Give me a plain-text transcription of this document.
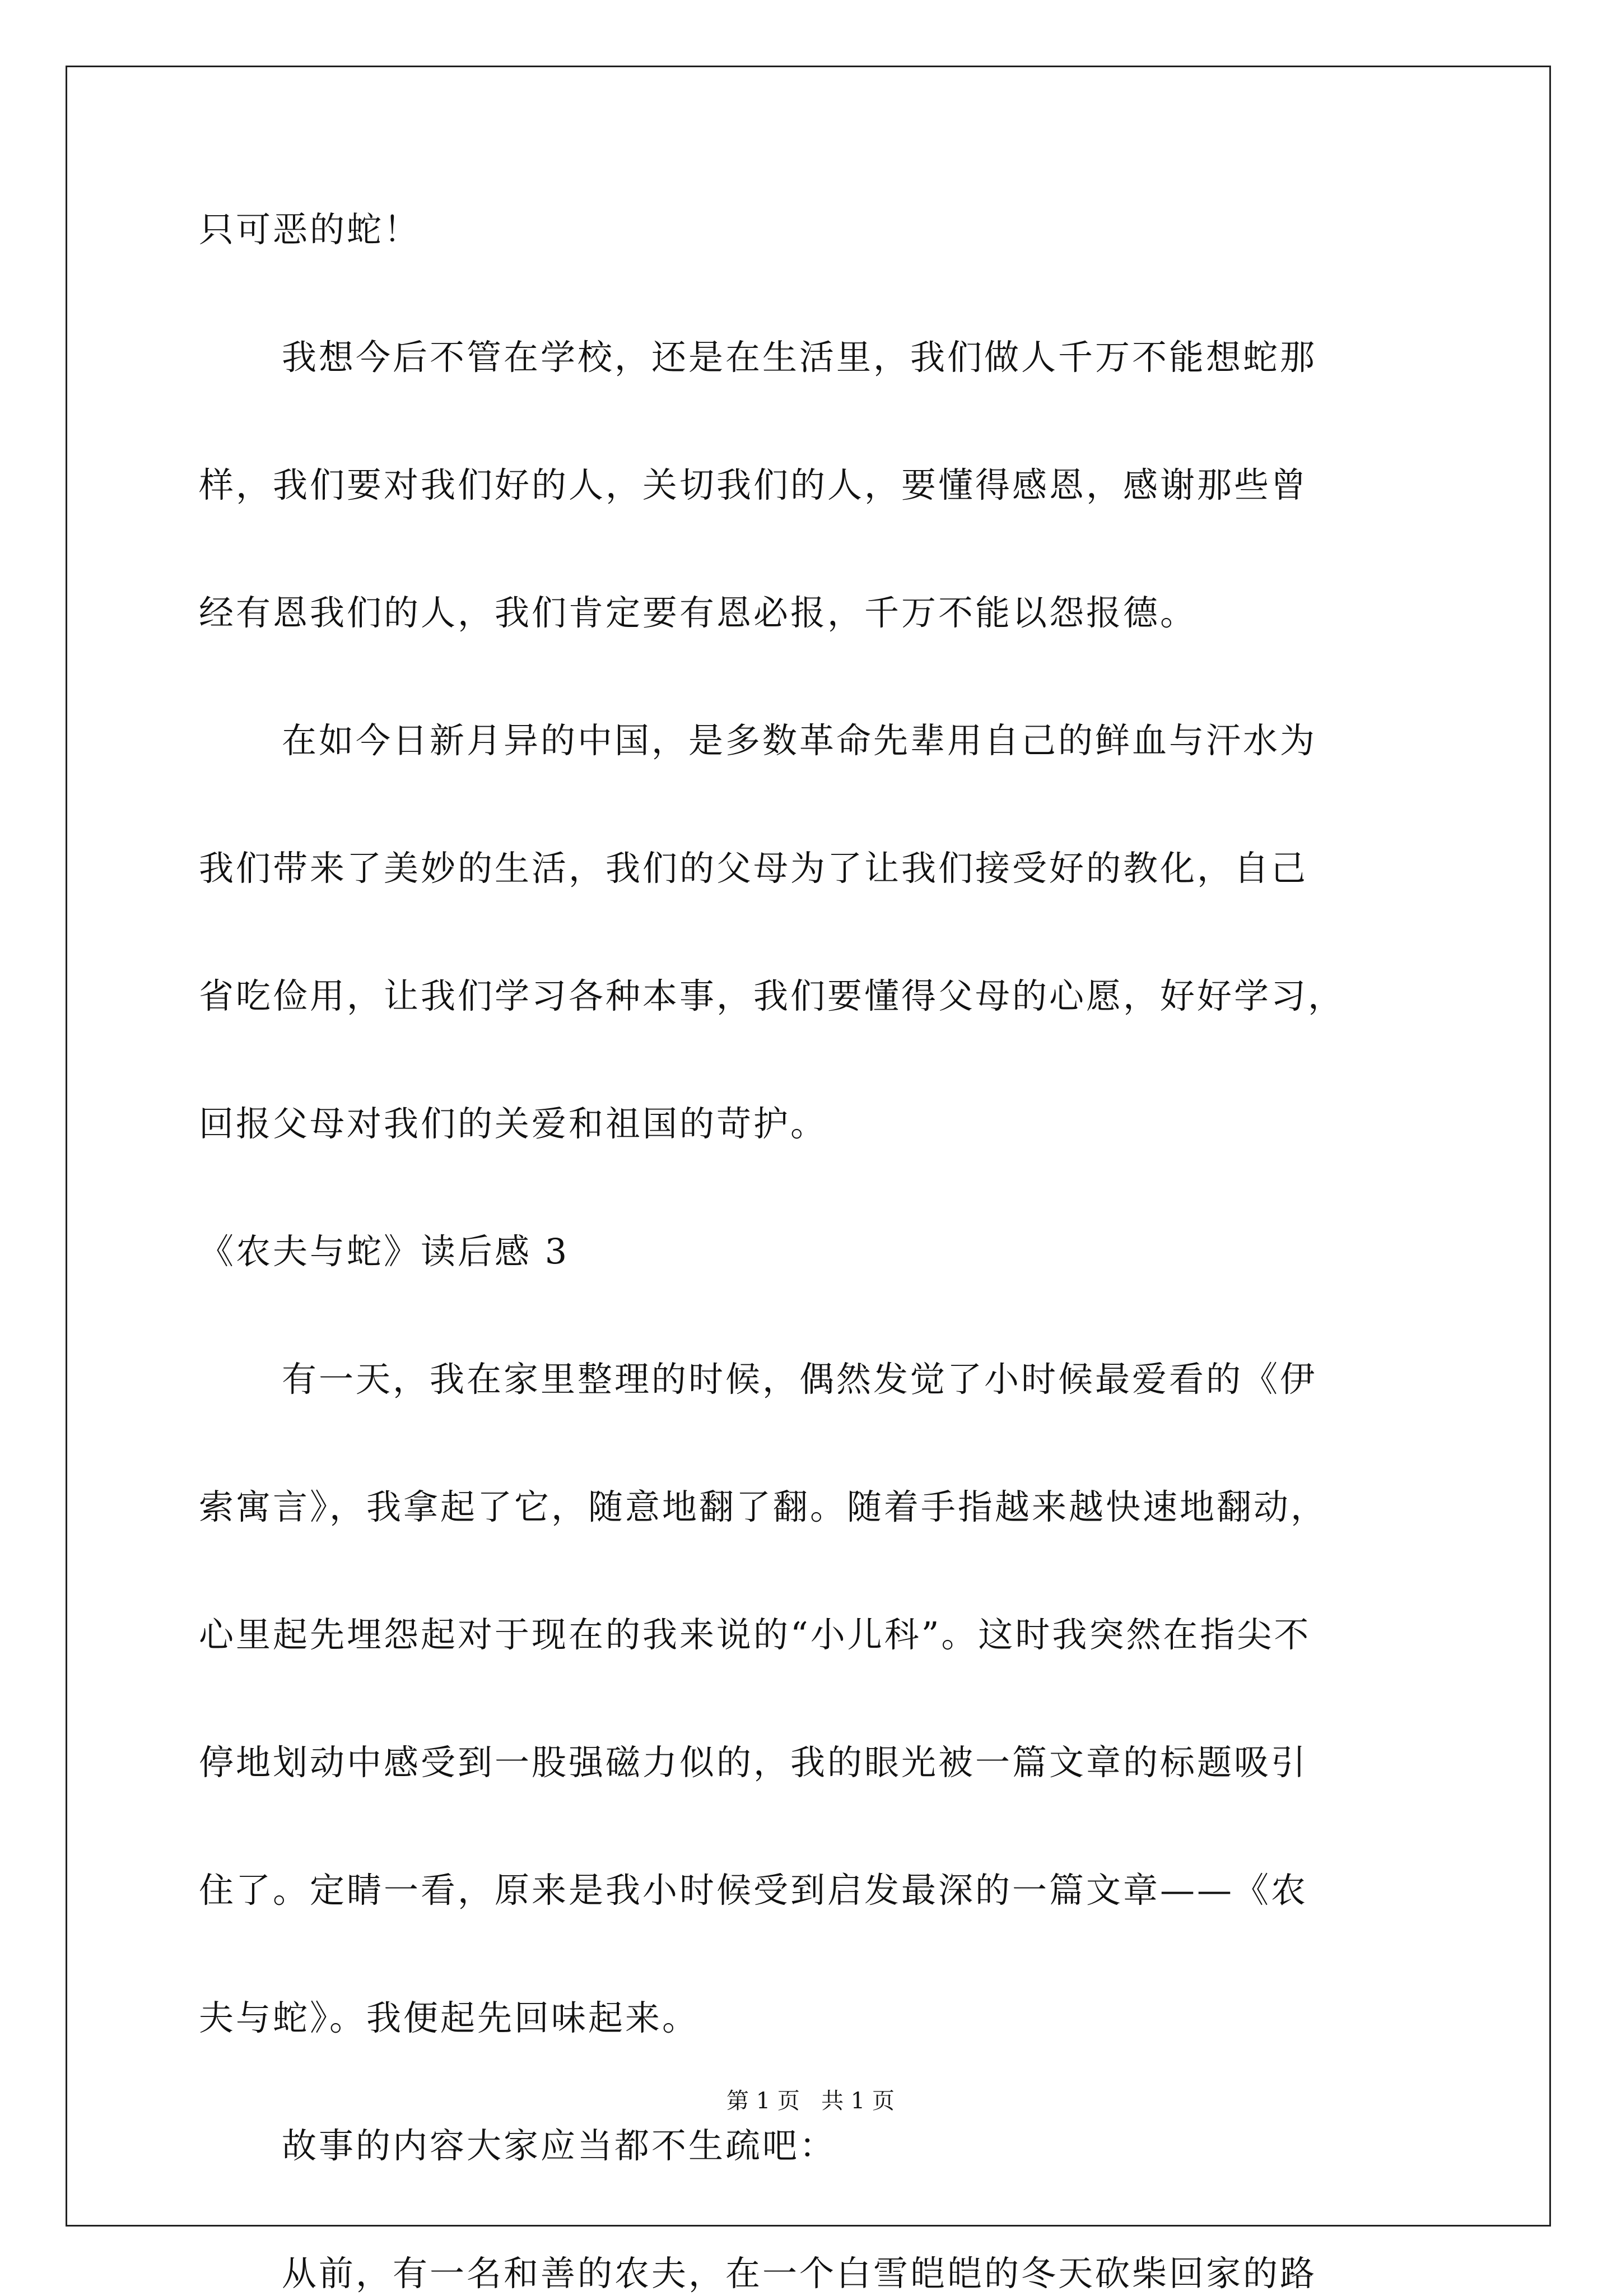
只可恶的蛇！
我想今后不管在学校，还是在生活里，我们做人千万不能想蛇那
样，我们要对我们好的人，关切我们的人，要懂得感恩，感谢那些曾
经有恩我们的人，我们肯定要有恩必报，千万不能以怨报德。
在如今日新月异的中国，是多数革命先辈用自己的鲜血与汗水为
我们带来了美妙的生活，我们的父母为了让我们接受好的教化，自己
省吃俭用，让我们学习各种本事，我们要懂得父母的心愿，好好学习，
回报父母对我们的关爱和祖国的苛护。
《农夫与蛇》读后感 3
有一天，我在家里整理的时候，偶然发觉了小时候最爱看的《伊
索寓言》，我拿起了它，随意地翻了翻。随着手指越来越快速地翻动，
心里起先埋怨起对于现在的我来说的“小儿科”。这时我突然在指尖不
停地划动中感受到一股强磁力似的，我的眼光被一篇文章的标题吸引
住了。定睛一看，原来是我小时候受到启发最深的一篇文章——《农
夫与蛇》。我便起先回味起来。
故事的内容大家应当都不生疏吧：
从前，有一名和善的农夫，在一个白雪皑皑的冬天砍柴回家的路
第 1 页   共 1 页
